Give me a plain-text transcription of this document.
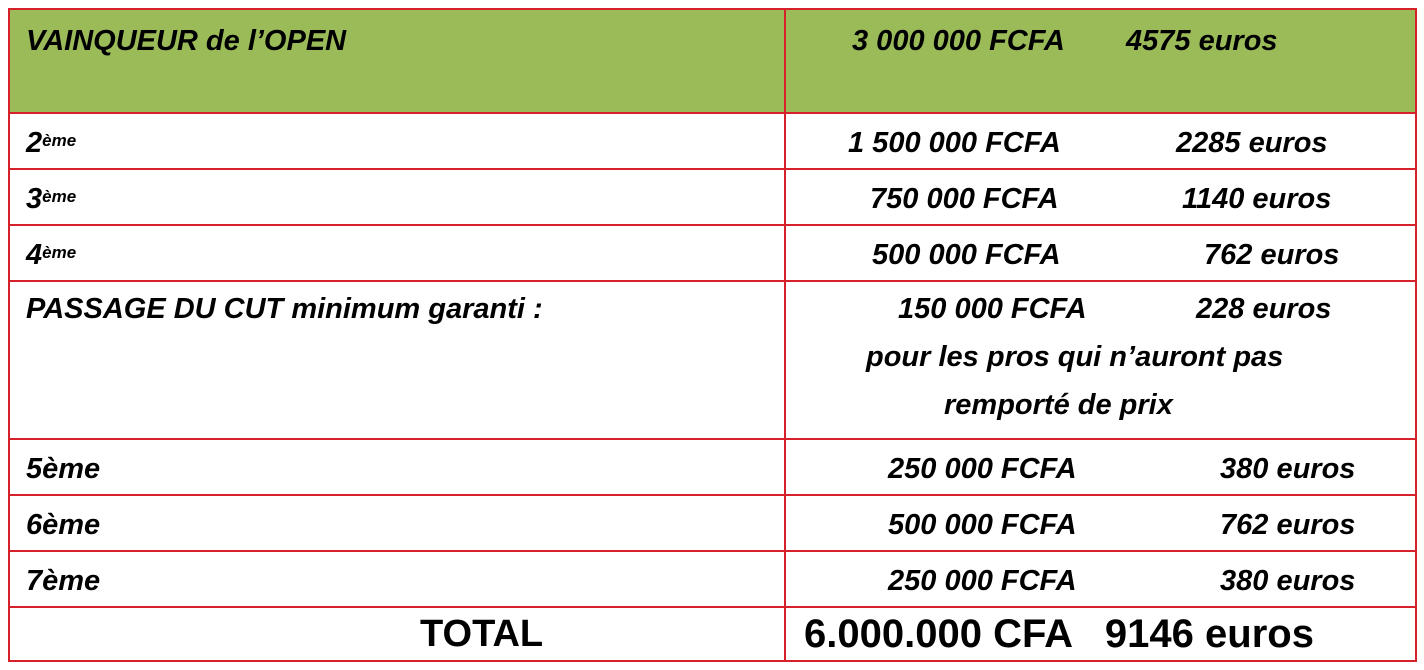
VAINQUEUR de l’OPEN	3 000 000 FCFA 4575 euros
2ème	1 500 000 FCFA	2285 euros
3ème	750 000 FCFA	1140 euros
4ème	500 000 FCFA	762 euros
PASSAGE DU CUT minimum garanti :	150 000 FCFA	228 euros
pour les pros qui n’auront pas
remporté de prix
5ème	250 000 FCFA	380 euros
6ème	500 000 FCFA	762 euros
7ème	250 000 FCFA	380 euros
TOTAL	6.000.000 CFA   9146 euros
